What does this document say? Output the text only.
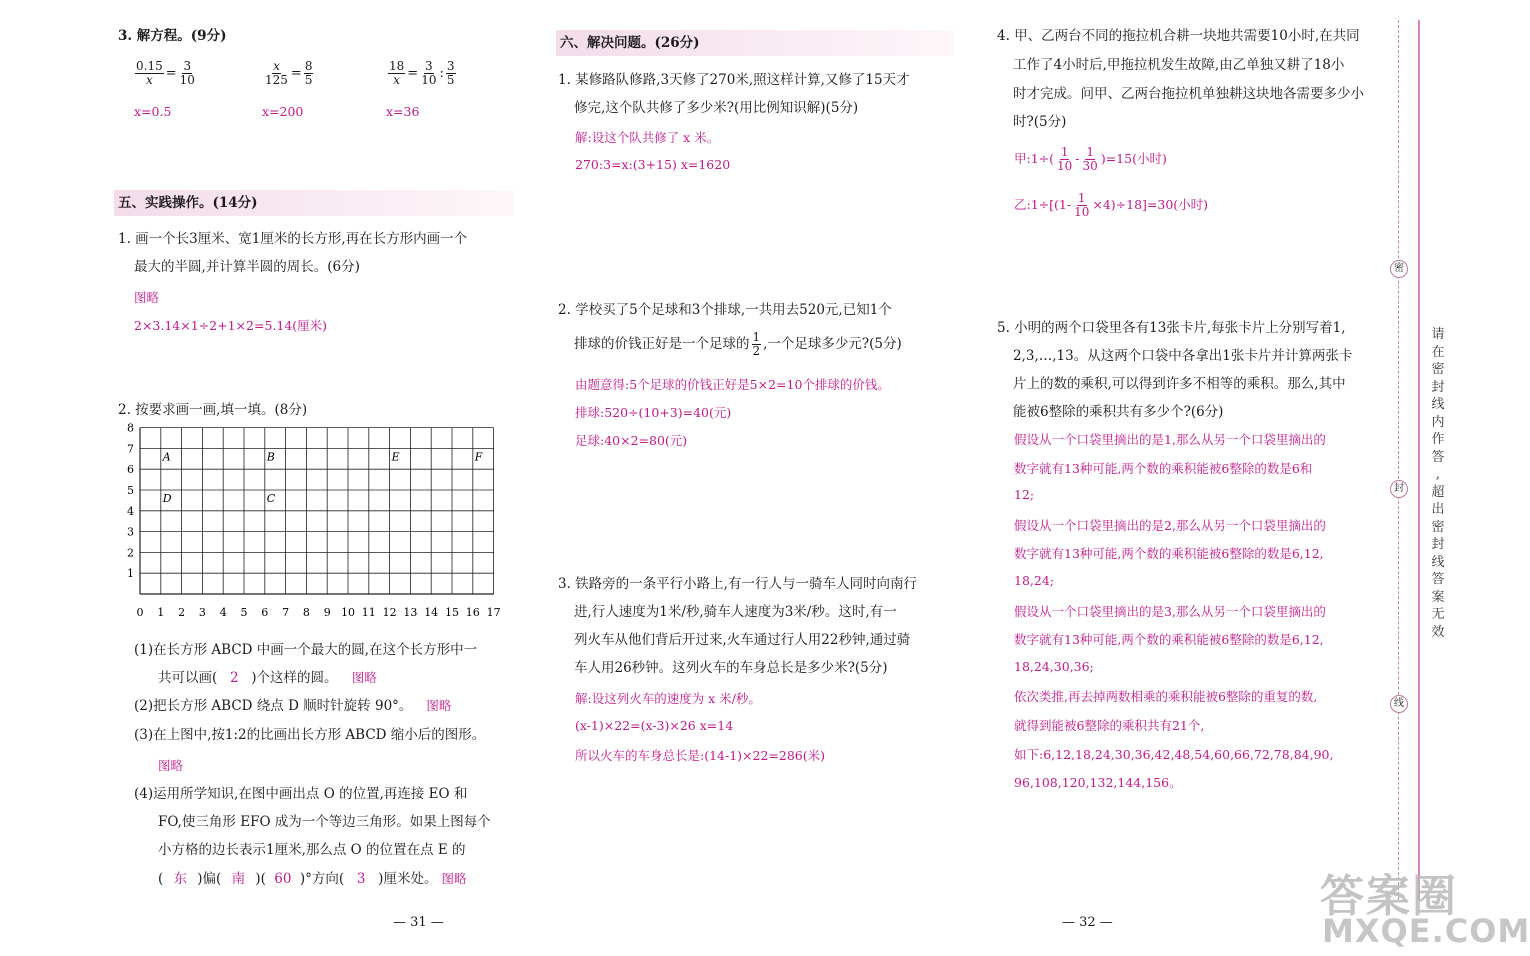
3. 解方程。(9分)
$\frac{0.15}{x} = \frac{3}{10}$	$\frac{x}{125} = \frac{8}{5}$	$\frac{18}{x} = \frac{3}{10}$ : $\frac{3}{5}$
x=0.5	x=200	x=36
五、实践操作。(14分)
1. 画一个长3厘米、宽1厘米的长方形,再在长方形内画一个
最大的半圆,并计算半圆的周长。(6分)
图略
2×3.14×1÷2+1×2=5.14(厘米)
2. 按要求画一画,填一填。(8分)
0 1 2 3 4 5 6 7 8 9 10 11 12 13 14 15 16 17
1
2
3
4
5
6
7
8
A	B
C
D
E	F
(1)在长方形 ABCD 中画一个最大的圆,在这个长方形中一
共可以画( 2 )个这样的圆。 图略
(2)把长方形 ABCD 绕点 D 顺时针旋转 90°。 图略
(3)在上图中,按1:2的比画出长方形 ABCD 缩小后的图形。
图略
(4)运用所学知识,在图中画出点 O 的位置,再连接 EO 和
FO,使三角形 EFO 成为一个等边三角形。如果上图每个
小方格的边长表示1厘米,那么点 O 的位置在点 E 的
( 东 )偏( 南 )( 60 )°方向( 3 )厘米处。 图略
— 31 —
六、解决问题。(26分)
1. 某修路队修路,3天修了270米,照这样计算,又修了15天才
修完,这个队共修了多少米?(用比例知识解)(5分)
解:设这个队共修了 x 米。
270:3=x:(3+15) x=1620
2. 学校买了5个足球和3个排球,一共用去520元,已知1个
排球的价钱正好是一个足球的 $\frac{1}{2}$ ,一个足球多少元?(5分)
由题意得:5个足球的价钱正好是5×2=10个排球的价钱。
排球:520÷(10+3)=40(元)
足球:40×2=80(元)
3. 铁路旁的一条平行小路上,有一行人与一骑车人同时向南行
进,行人速度为1米/秒,骑车人速度为3米/秒。这时,有一
列火车从他们背后开过来,火车通过行人用22秒钟,通过骑
车人用26秒钟。这列火车的车身总长是多少米?(5分)
解:设这列火车的速度为 x 米/秒。
(x-1)×22=(x-3)×26 x=14
所以火车的车身总长是:(14-1)×22=286(米)
— 32 —
4. 甲、乙两台不同的拖拉机合耕一块地共需要10小时,在共同
工作了4小时后,甲拖拉机发生故障,由乙单独又耕了18小
时才完成。问甲、乙两台拖拉机单独耕这块地各需要多少小
时?(5分)
甲:1÷( $\frac{1}{10} - \frac{1}{30} )=15$(小时)
乙:1÷[(1- $\frac{1}{10} \times 4)\div 18]=30$(小时)
5. 小明的两个口袋里各有13张卡片,每张卡片上分别写着1,
2,3,…,13。从这两个口袋中各拿出1张卡片并计算两张卡
片上的数的乘积,可以得到许多不相等的乘积。那么,其中
能被6整除的乘积共有多少个?(6分)
假设从一个口袋里摘出的是1,那么从另一个口袋里摘出的
数字就有13种可能,两个数的乘积能被6整除的数是6和
12;
假设从一个口袋里摘出的是2,那么从另一个口袋里摘出的
数字就有13种可能,两个数的乘积能被6整除的数是6,12,
18,24;
假设从一个口袋里摘出的是3,那么从另一个口袋里摘出的
数字就有13种可能,两个数的乘积能被6整除的数是6,12,
18,24,30,36;
依次类推,再去掉两数相乘的乘积能被6整除的重复的数,
就得到能被6整除的乘积共有21个,
如下:6,12,18,24,30,36,42,48,54,60,66,72,78,84,90,
96,108,120,132,144,156。
密
封
线
请
在
密
封
线
内
作
答
,
超
出
密
封
线
答
案
无
效
答案圈
MXQE.COM
